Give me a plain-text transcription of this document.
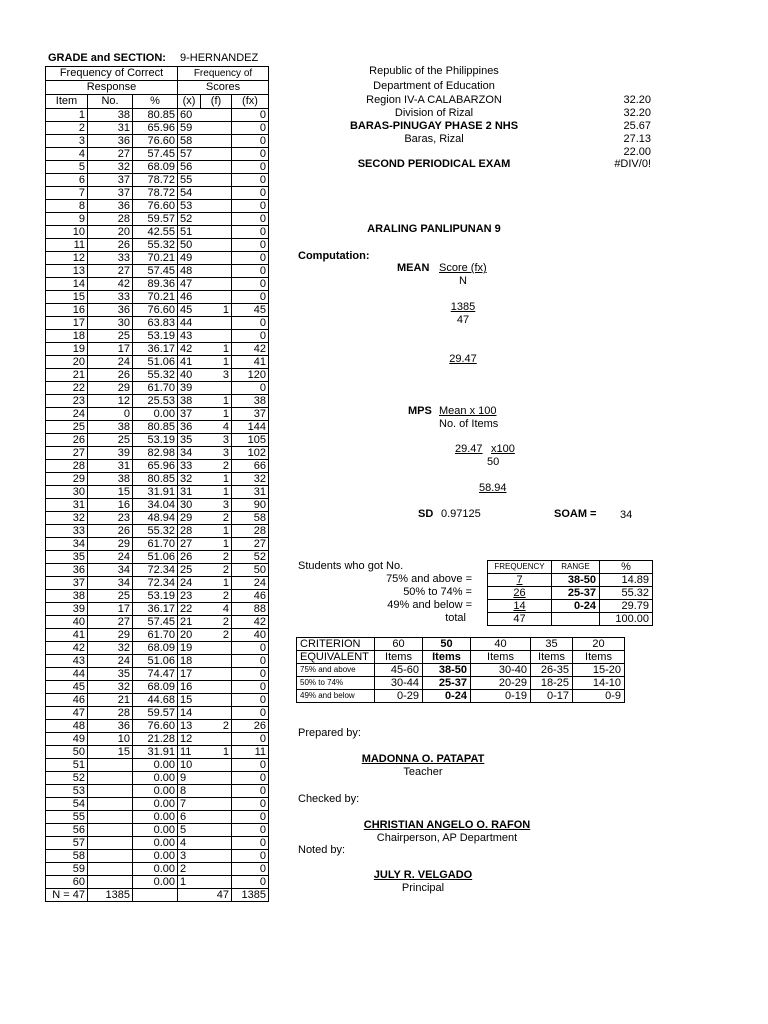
GRADE and SECTION: 9-HERNANDEZ
Frequency of Correct			Frequency of		
Response			Scores		
Item	No.	%	(x)	(f)	(fx)
1	38	80.85	60		0
2	31	65.96	59		0
3	36	76.60	58		0
4	27	57.45	57		0
5	32	68.09	56		0
6	37	78.72	55		0
7	37	78.72	54		0
8	36	76.60	53		0
9	28	59.57	52		0
10	20	42.55	51		0
11	26	55.32	50		0
12	33	70.21	49		0
13	27	57.45	48		0
14	42	89.36	47		0
15	33	70.21	46		0
16	36	76.60	45	1	45
17	30	63.83	44		0
18	25	53.19	43		0
19	17	36.17	42	1	42
20	24	51.06	41	1	41
21	26	55.32	40	3	120
22	29	61.70	39		0
23	12	25.53	38	1	38
24	0	0.00	37	1	37
25	38	80.85	36	4	144
26	25	53.19	35	3	105
27	39	82.98	34	3	102
28	31	65.96	33	2	66
29	38	80.85	32	1	32
30	15	31.91	31	1	31
31	16	34.04	30	3	90
32	23	48.94	29	2	58
33	26	55.32	28	1	28
34	29	61.70	27	1	27
35	24	51.06	26	2	52
36	34	72.34	25	2	50
37	34	72.34	24	1	24
38	25	53.19	23	2	46
39	17	36.17	22	4	88
40	27	57.45	21	2	42
41	29	61.70	20	2	40
42	32	68.09	19		0
43	24	51.06	18		0
44	35	74.47	17		0
45	32	68.09	16		0
46	21	44.68	15		0
47	28	59.57	14		0
48	36	76.60	13	2	26
49	10	21.28	12		0
50	15	31.91	11	1	11
51		0.00	10		0
52		0.00	9		0
53		0.00	8		0
54		0.00	7		0
55		0.00	6		0
56		0.00	5		0
57		0.00	4		0
58		0.00	3		0
59		0.00	2		0
60		0.00	1		0
N = 47	1385			47	1385
Republic of the Philippines
Department of Education
Region IV-A CALABARZON
Division of Rizal
BARAS-PINUGAY PHASE 2 NHS
Baras, Rizal
SECOND PERIODICAL EXAM
ARALING PANLIPUNAN 9
32.20
32.20
25.67
27.13
22.00
#DIV/0!
Computation:
MEAN Score (fx)
N
1385
47
29.47
MPS Mean x 100
No. of Items
29.47 x100
50
58.94
SD 0.97125	SOAM = 34
Students who got No.
75% and above =
50% to 74% =
49% and below =
total
FREQUENCY	RANGE	%
7	38-50	14.89
26	25-37	55.32
14	0-24	29.79
47		100.00
CRITERION	60	50	40	35	20
EQUIVALENT	Items	Items	Items	Items	Items
75% and above	45-60	38-50	30-40	26-35	15-20
50% to 74%	30-44	25-37	20-29	18-25	14-10
49% and below	0-29	0-24	0-19	0-17	0-9
Prepared by:
MADONNA O. PATAPAT
Teacher
Checked by:
CHRISTIAN ANGELO O. RAFON
Chairperson, AP Department
Noted by:
JULY R. VELGADO
Principal
